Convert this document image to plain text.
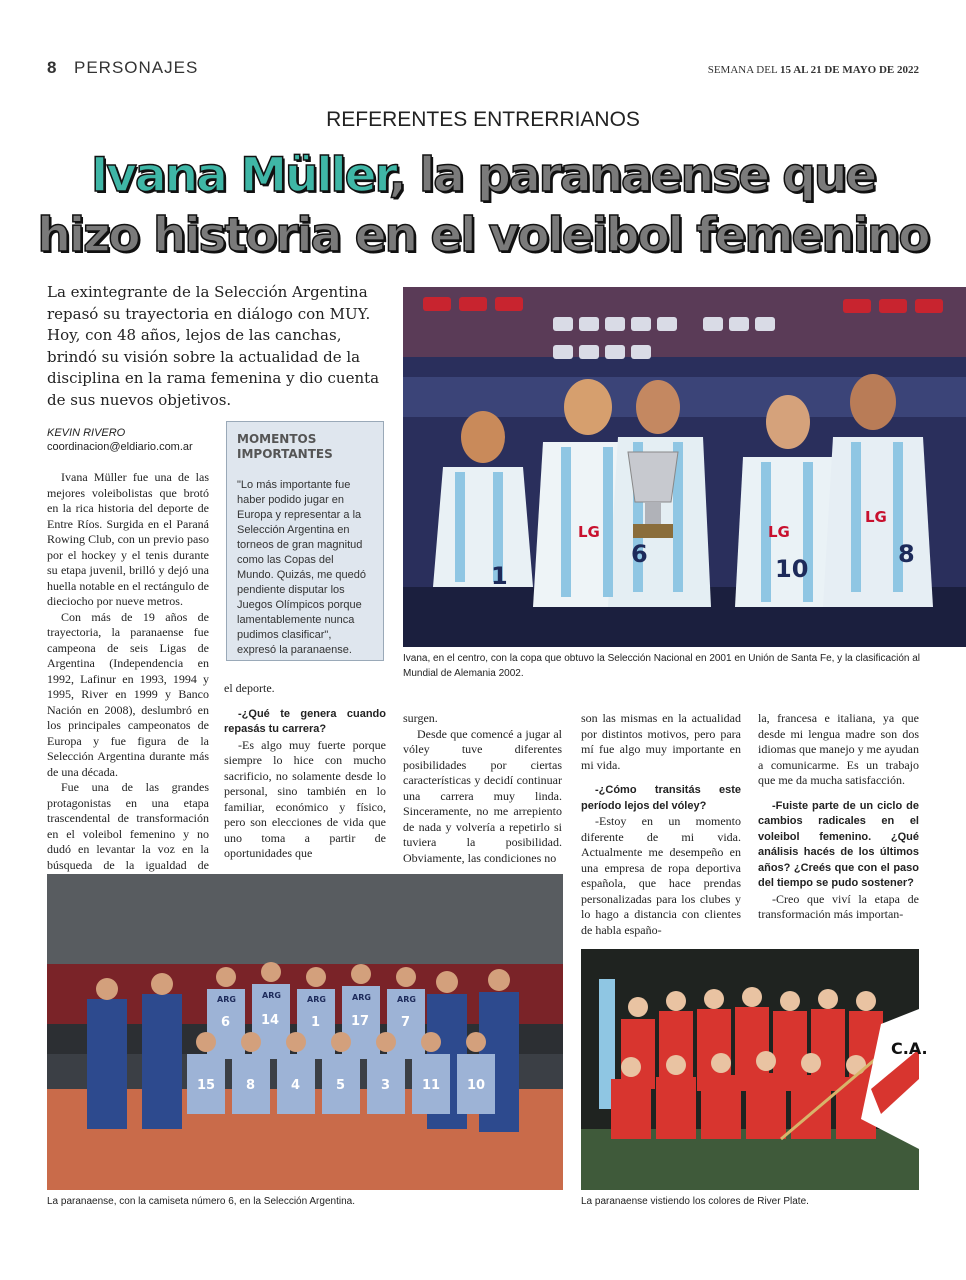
8 PERSONAJES	SEMANA DEL 15 AL 21 DE MAYO DE 2022
REFERENTES ENTRERRIANOS
Ivana Müller, la paranaense que
hizo historia en el voleibol femenino
La exintegrante de la Selección Argentina repasó su trayectoria en diálogo con MUY. Hoy, con 48 años, lejos de las canchas, brindó su visión sobre la actualidad de la disciplina en la rama femenina y dio cuenta de sus nuevos objetivos.
KEVIN RIVERO
coordinacion@eldiario.com.ar
MOMENTOS IMPORTANTES
"Lo más importante fue haber podido jugar en Europa y representar a la Selección Argentina en torneos de gran magnitud como las Copas del Mundo. Quizás, me quedó pendiente disputar los Juegos Olímpicos porque lamentablemente nunca pudimos clasificar", expresó la paranaense.
LG	LG
LG
1
6
10
8
Ivana, en el centro, con la copa que obtuvo la Selección Nacional en 2001 en Unión de Santa Fe, y la clasificación al Mundial de Alemania 2002.

Ivana Müller fue una de las mejores voleibolistas que brotó en la rica historia del deporte de Entre Ríos. Surgida en el Paraná Rowing Club, con un previo paso por el hockey y el tenis durante su etapa juvenil, brilló y dejó una huella notable en el rectángulo de dieciocho por nueve metros.

Con más de 19 años de trayectoria, la paranaense fue campeona de seis Ligas de Argentina (Independencia en 1992, Lafinur en 1993, 1994 y 1995, River en 1999 y Banco Nación en 2008), deslumbró en los principales campeonatos de Europa y fue figura de la Selección Argentina durante más de una década.

Fue una de las grandes protagonistas en una etapa trascendental de transformación en el voleibol femenino y no dudó en levantar la voz en la búsqueda de la igualdad de

el deporte.

-¿Qué te genera cuando repasás tu carrera?

-Es algo muy fuerte porque siempre lo hice con mucho sacrificio, no solamente desde lo personal, sino también en lo familiar, económico y físico, pero son elecciones de vida que uno toma a partir de oportunidades que

surgen.

Desde que comencé a jugar al vóley tuve diferentes posibilidades por ciertas características y decidí continuar una carrera muy linda. Sinceramente, no me arrepiento de nada y volvería a repetirlo si tuviera la posibilidad. Obviamente, las condiciones no

son las mismas en la actualidad por distintos motivos, pero para mí fue algo muy importante en mi vida.

-¿Cómo transitás este período lejos del vóley?

-Estoy en un momento diferente de mi vida. Actualmente me desempeño en una empresa de ropa deportiva española, que hace prendas personalizadas para los clubes y lo hago a distancia con clientes de habla españo-

la, francesa e italiana, ya que desde mi lengua madre son dos idiomas que manejo y me ayudan a comunicarme. Es un trabajo que me da mucha satisfacción.

-Fuiste parte de un ciclo de cambios radicales en el voleibol femenino. ¿Qué análisis hacés de los últimos años? ¿Creés que con el paso del tiempo se pudo sostener?

-Creo que viví la etapa de transformación más importan-

ARG	ARG	ARG	ARG	ARG
6 14 1 17 7
15 8	4	5	3 11 10
La paranaense, con la camiseta número 6, en la Selección Argentina.
C.A.
La paranaense vistiendo los colores de River Plate.
